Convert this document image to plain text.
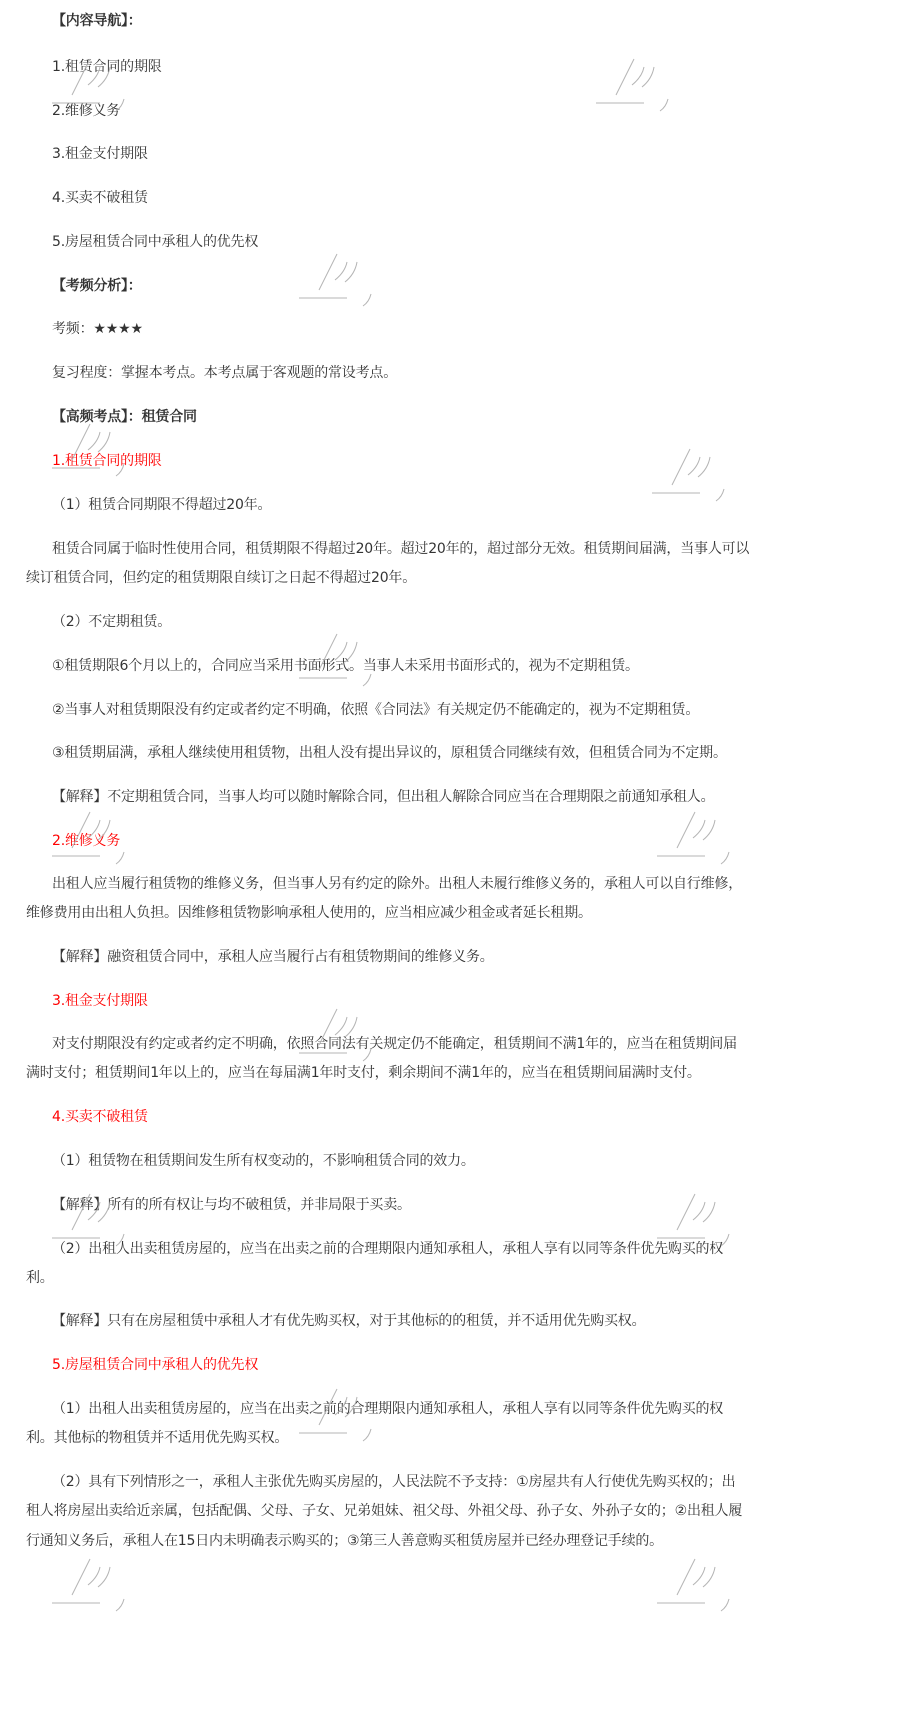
【内容导航】：
1.租赁合同的期限
2.维修义务
3.租金支付期限
4.买卖不破租赁
5.房屋租赁合同中承租人的优先权
【考频分析】：
考频：★★★★
复习程度：掌握本考点。本考点属于客观题的常设考点。
【高频考点】：租赁合同
1.租赁合同的期限
（1）租赁合同期限不得超过20年。
租赁合同属于临时性使用合同，租赁期限不得超过20年。超过20年的，超过部分无效。租赁期间届满，当事人可以
续订租赁合同，但约定的租赁期限自续订之日起不得超过20年。
（2）不定期租赁。
①租赁期限6个月以上的，合同应当采用书面形式。当事人未采用书面形式的，视为不定期租赁。
②当事人对租赁期限没有约定或者约定不明确，依照《合同法》有关规定仍不能确定的，视为不定期租赁。
③租赁期届满，承租人继续使用租赁物，出租人没有提出异议的，原租赁合同继续有效，但租赁合同为不定期。
【解释】不定期租赁合同，当事人均可以随时解除合同，但出租人解除合同应当在合理期限之前通知承租人。
2.维修义务
出租人应当履行租赁物的维修义务，但当事人另有约定的除外。出租人未履行维修义务的，承租人可以自行维修，
维修费用由出租人负担。因维修租赁物影响承租人使用的，应当相应减少租金或者延长租期。
【解释】融资租赁合同中，承租人应当履行占有租赁物期间的维修义务。
3.租金支付期限
对支付期限没有约定或者约定不明确，依照合同法有关规定仍不能确定，租赁期间不满1年的，应当在租赁期间届
满时支付；租赁期间1年以上的，应当在每届满1年时支付，剩余期间不满1年的，应当在租赁期间届满时支付。
4.买卖不破租赁
（1）租赁物在租赁期间发生所有权变动的，不影响租赁合同的效力。
【解释】所有的所有权让与均不破租赁，并非局限于买卖。
（2）出租人出卖租赁房屋的，应当在出卖之前的合理期限内通知承租人，承租人享有以同等条件优先购买的权
利。
【解释】只有在房屋租赁中承租人才有优先购买权，对于其他标的的租赁，并不适用优先购买权。
5.房屋租赁合同中承租人的优先权
（1）出租人出卖租赁房屋的，应当在出卖之前的合理期限内通知承租人，承租人享有以同等条件优先购买的权
利。其他标的物租赁并不适用优先购买权。
（2）具有下列情形之一，承租人主张优先购买房屋的，人民法院不予支持：①房屋共有人行使优先购买权的；出
租人将房屋出卖给近亲属，包括配偶、父母、子女、兄弟姐妹、祖父母、外祖父母、孙子女、外孙子女的；②出租人履
行通知义务后，承租人在15日内未明确表示购买的；③第三人善意购买租赁房屋并已经办理登记手续的。
